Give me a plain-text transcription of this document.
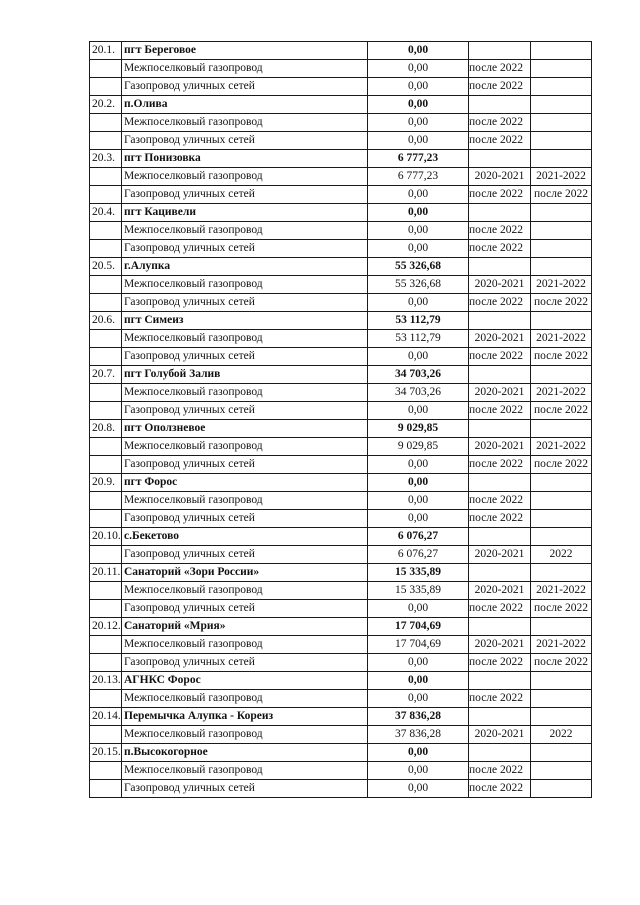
20.1.	пгт Береговое	0,00		
	Межпоселковый газопровод	0,00	после 2022	
	Газопровод уличных сетей	0,00	после 2022	
20.2.	п.Олива	0,00		
	Межпоселковый газопровод	0,00	после 2022	
	Газопровод уличных сетей	0,00	после 2022	
20.3.	пгт Понизовка	6 777,23		
	Межпоселковый газопровод	6 777,23	2020-2021	2021-2022
	Газопровод уличных сетей	0,00	после 2022	после 2022
20.4.	пгт Кацивели	0,00		
	Межпоселковый газопровод	0,00	после 2022	
	Газопровод уличных сетей	0,00	после 2022	
20.5.	г.Алупка	55 326,68		
	Межпоселковый газопровод	55 326,68	2020-2021	2021-2022
	Газопровод уличных сетей	0,00	после 2022	после 2022
20.6.	пгт Симеиз	53 112,79		
	Межпоселковый газопровод	53 112,79	2020-2021	2021-2022
	Газопровод уличных сетей	0,00	после 2022	после 2022
20.7.	пгт Голубой Залив	34 703,26		
	Межпоселковый газопровод	34 703,26	2020-2021	2021-2022
	Газопровод уличных сетей	0,00	после 2022	после 2022
20.8.	пгт Оползневое	9 029,85		
	Межпоселковый газопровод	9 029,85	2020-2021	2021-2022
	Газопровод уличных сетей	0,00	после 2022	после 2022
20.9.	пгт Форос	0,00		
	Межпоселковый газопровод	0,00	после 2022	
	Газопровод уличных сетей	0,00	после 2022	
20.10.	с.Бекетово	6 076,27		
	Газопровод уличных сетей	6 076,27	2020-2021	2022
20.11.	Санаторий «Зори России»	15 335,89		
	Межпоселковый газопровод	15 335,89	2020-2021	2021-2022
	Газопровод уличных сетей	0,00	после 2022	после 2022
20.12.	Санаторий «Мрия»	17 704,69		
	Межпоселковый газопровод	17 704,69	2020-2021	2021-2022
	Газопровод уличных сетей	0,00	после 2022	после 2022
20.13.	АГНКС Форос	0,00		
	Межпоселковый газопровод	0,00	после 2022	
20.14.	Перемычка Алупка - Кореиз	37 836,28		
	Межпоселковый газопровод	37 836,28	2020-2021	2022
20.15.	п.Высокогорное	0,00		
	Межпоселковый газопровод	0,00	после 2022	
	Газопровод уличных сетей	0,00	после 2022	
